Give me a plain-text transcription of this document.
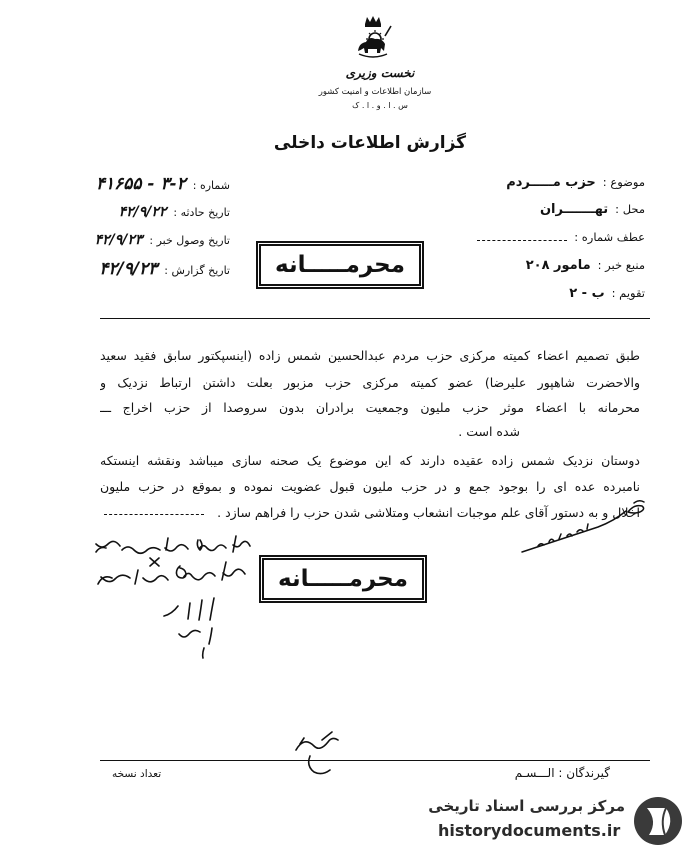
نخست وزیری
سازمان اطلاعات و امنیت کشور
س . ا . و . ا . ک
گزارش اطلاعات داخلی
موضوع :
حزب مـــــردم
محل :
تهـــــــران
عطف شماره :
منبع خبر :
مامور ۲۰۸
تقویم :
ب - ۲
شماره :
۴۱۶۵۵ - ۳-۲
تاریخ حادثه :
۴۲/۹/۲۲
تاریخ وصول خبر :
۴۲/۹/۲۳
تاریخ گزارش :
۴۲/۹/۲۳	محرمـــــانه
طبق تصمیم اعضاء کمیته مرکزی حزب مردم عبدالحسین شمس زاده (اینسپکتور سابق فقید سعید
والاحضرت شاهپور علیرضا) عضو کمیته مرکزی حزب مزبور بعلت داشتن ارتباط نزدیک و
محرمانه با اعضاء موثر حزب ملیون وجمعیت برادران بدون سروصدا از حزب اخراج ـــ
شده است .
دوستان نزدیک شمس زاده عقیده دارند که این موضوع یک صحنه سازی میباشد ونقشه اینستکه
نامبرده عده ای را بوجود جمع و در حزب ملیون قبول عضویت نموده و بموقع در حزب ملیون
اخلال و به دستور آقای علم موجبات انشعاب ومتلاشی شدن حزب را فراهم سازد .
محرمـــــانه
گیرندگان : الـــسـم
تعداد نسخه
مرکز بررسی اسناد تاریخی
historydocuments.ir
